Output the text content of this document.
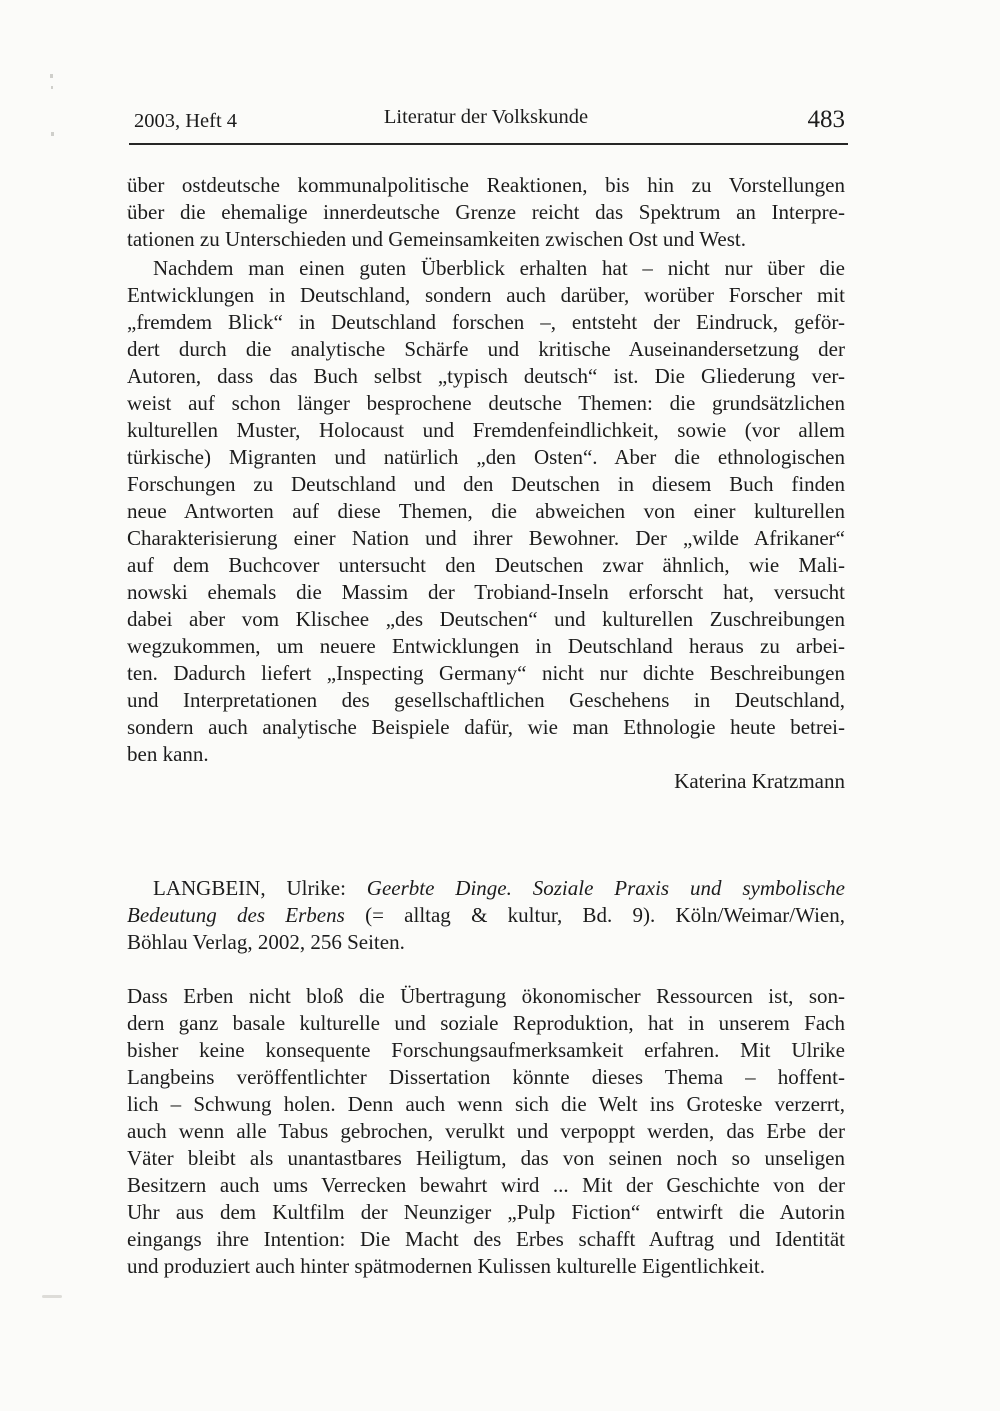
Literatur der Volkskunde
2003, Heft 4	483
über ostdeutsche kommunalpolitische Reaktionen, bis hin zu Vorstellungen
über die ehemalige innerdeutsche Grenze reicht das Spektrum an Interpre-
tationen zu Unterschieden und Gemeinsamkeiten zwischen Ost und West.
Nachdem man einen guten Überblick erhalten hat – nicht nur über die
Entwicklungen in Deutschland, sondern auch darüber, worüber Forscher mit
„fremdem Blick“ in Deutschland forschen –, entsteht der Eindruck, geför-
dert durch die analytische Schärfe und kritische Auseinandersetzung der
Autoren, dass das Buch selbst „typisch deutsch“ ist. Die Gliederung ver-
weist auf schon länger besprochene deutsche Themen: die grundsätzlichen
kulturellen Muster, Holocaust und Fremdenfeindlichkeit, sowie (vor allem
türkische) Migranten und natürlich „den Osten“. Aber die ethnologischen
Forschungen zu Deutschland und den Deutschen in diesem Buch finden
neue Antworten auf diese Themen, die abweichen von einer kulturellen
Charakterisierung einer Nation und ihrer Bewohner. Der „wilde Afrikaner“
auf dem Buchcover untersucht den Deutschen zwar ähnlich, wie Mali-
nowski ehemals die Massim der Trobiand-Inseln erforscht hat, versucht
dabei aber vom Klischee „des Deutschen“ und kulturellen Zuschreibungen
wegzukommen, um neuere Entwicklungen in Deutschland heraus zu arbei-
ten. Dadurch liefert „Inspecting Germany“ nicht nur dichte Beschreibungen
und Interpretationen des gesellschaftlichen Geschehens in Deutschland,
sondern auch analytische Beispiele dafür, wie man Ethnologie heute betrei-
ben kann.
Katerina Kratzmann
LANGBEIN, Ulrike: Geerbte Dinge. Soziale Praxis und symbolische
Bedeutung des Erbens (= alltag & kultur, Bd. 9). Köln/Weimar/Wien,
Böhlau Verlag, 2002, 256 Seiten.
Dass Erben nicht bloß die Übertragung ökonomischer Ressourcen ist, son-
dern ganz basale kulturelle und soziale Reproduktion, hat in unserem Fach
bisher keine konsequente Forschungsaufmerksamkeit erfahren. Mit Ulrike
Langbeins veröffentlichter Dissertation könnte dieses Thema – hoffent-
lich – Schwung holen. Denn auch wenn sich die Welt ins Groteske verzerrt,
auch wenn alle Tabus gebrochen, verulkt und verpoppt werden, das Erbe der
Väter bleibt als unantastbares Heiligtum, das von seinen noch so unseligen
Besitzern auch ums Verrecken bewahrt wird ... Mit der Geschichte von der
Uhr aus dem Kultfilm der Neunziger „Pulp Fiction“ entwirft die Autorin
eingangs ihre Intention: Die Macht des Erbes schafft Auftrag und Identität
und produziert auch hinter spätmodernen Kulissen kulturelle Eigentlichkeit.
